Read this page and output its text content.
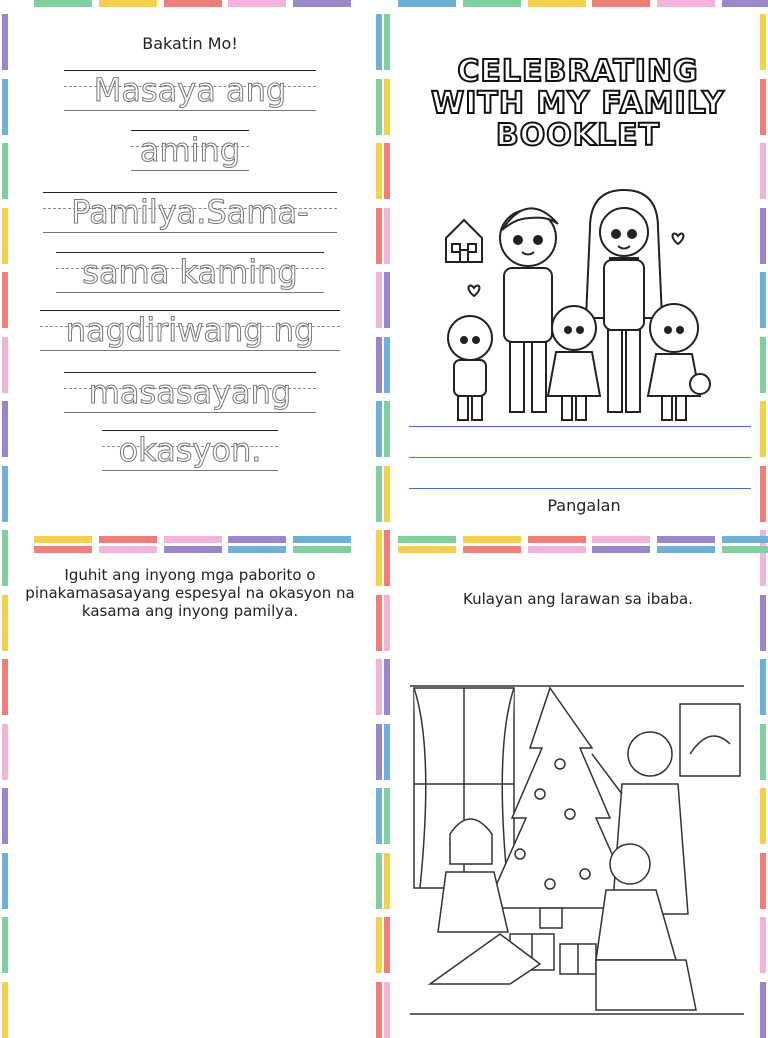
Bakatin Mo!
Masaya ang
aming
Pamilya.Sama-
sama kaming
nagdiriwang ng
masasayang
okasyon.
CELEBRATING
WITH MY FAMILY
BOOKLET
Pangalan
Iguhit ang inyong mga paborito o pinakamasasayang espesyal na okasyon na kasama ang inyong pamilya.
Kulayan ang larawan sa ibaba.
